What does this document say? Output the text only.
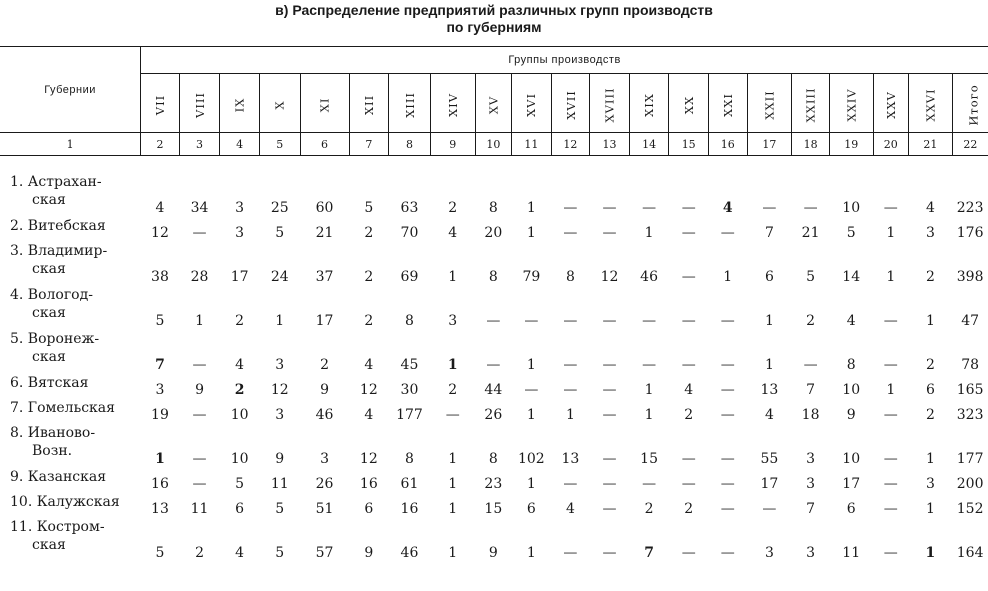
в) Распределение предприятий различных групп производств
по губерниям
Губернии	Группы производств																				
	VII	VIII	IX	X	XI	XII	XIII	XIV	XV	XVI	XVII	XVIII	XIX	XX	XXI	XXII	XXIII	XXIV	XXV	XXVI	Итого
1	2	3	4	5	6	7	8	9	10	11	12	13	14	15	16	17	18	19	20	21	22

1. Астрахан-
ская	4	34	3	25	60	5	63	2	8	1	—	—	—	—	4	—	—	10	—	4	223

2. Витебская	12	—	3	5	21	2	70	4	20	1	—	—	1	—	—	7	21	5	1	3	176

3. Владимир-
ская	38	28	17	24	37	2	69	1	8	79	8	12	46	—	1	6	5	14	1	2	398

4. Вологод-
ская	5	1	2	1	17	2	8	3	—	—	—	—	—	—	—	1	2	4	—	1	47

5. Воронеж-
ская	7	—	4	3	2	4	45	1	—	1	—	—	—	—	—	1	—	8	—	2	78

6. Вятская	3	9	2	12	9	12	30	2	44	—	—	—	1	4	—	13	7	10	1	6	165

7. Гомельская	19	—	10	3	46	4	177	—	26	1	1	—	1	2	—	4	18	9	—	2	323

8. Иваново-
Возн.	1	—	10	9	3	12	8	1	8	102	13	—	15	—	—	55	3	10	—	1	177

9. Казанская	16	—	5	11	26	16	61	1	23	1	—	—	—	—	—	17	3	17	—	3	200

10. Калужская	13	11	6	5	51	6	16	1	15	6	4	—	2	2	—	—	7	6	—	1	152

11. Костром-
ская	5	2	4	5	57	9	46	1	9	1	—	—	7	—	—	3	3	11	—	1	164
